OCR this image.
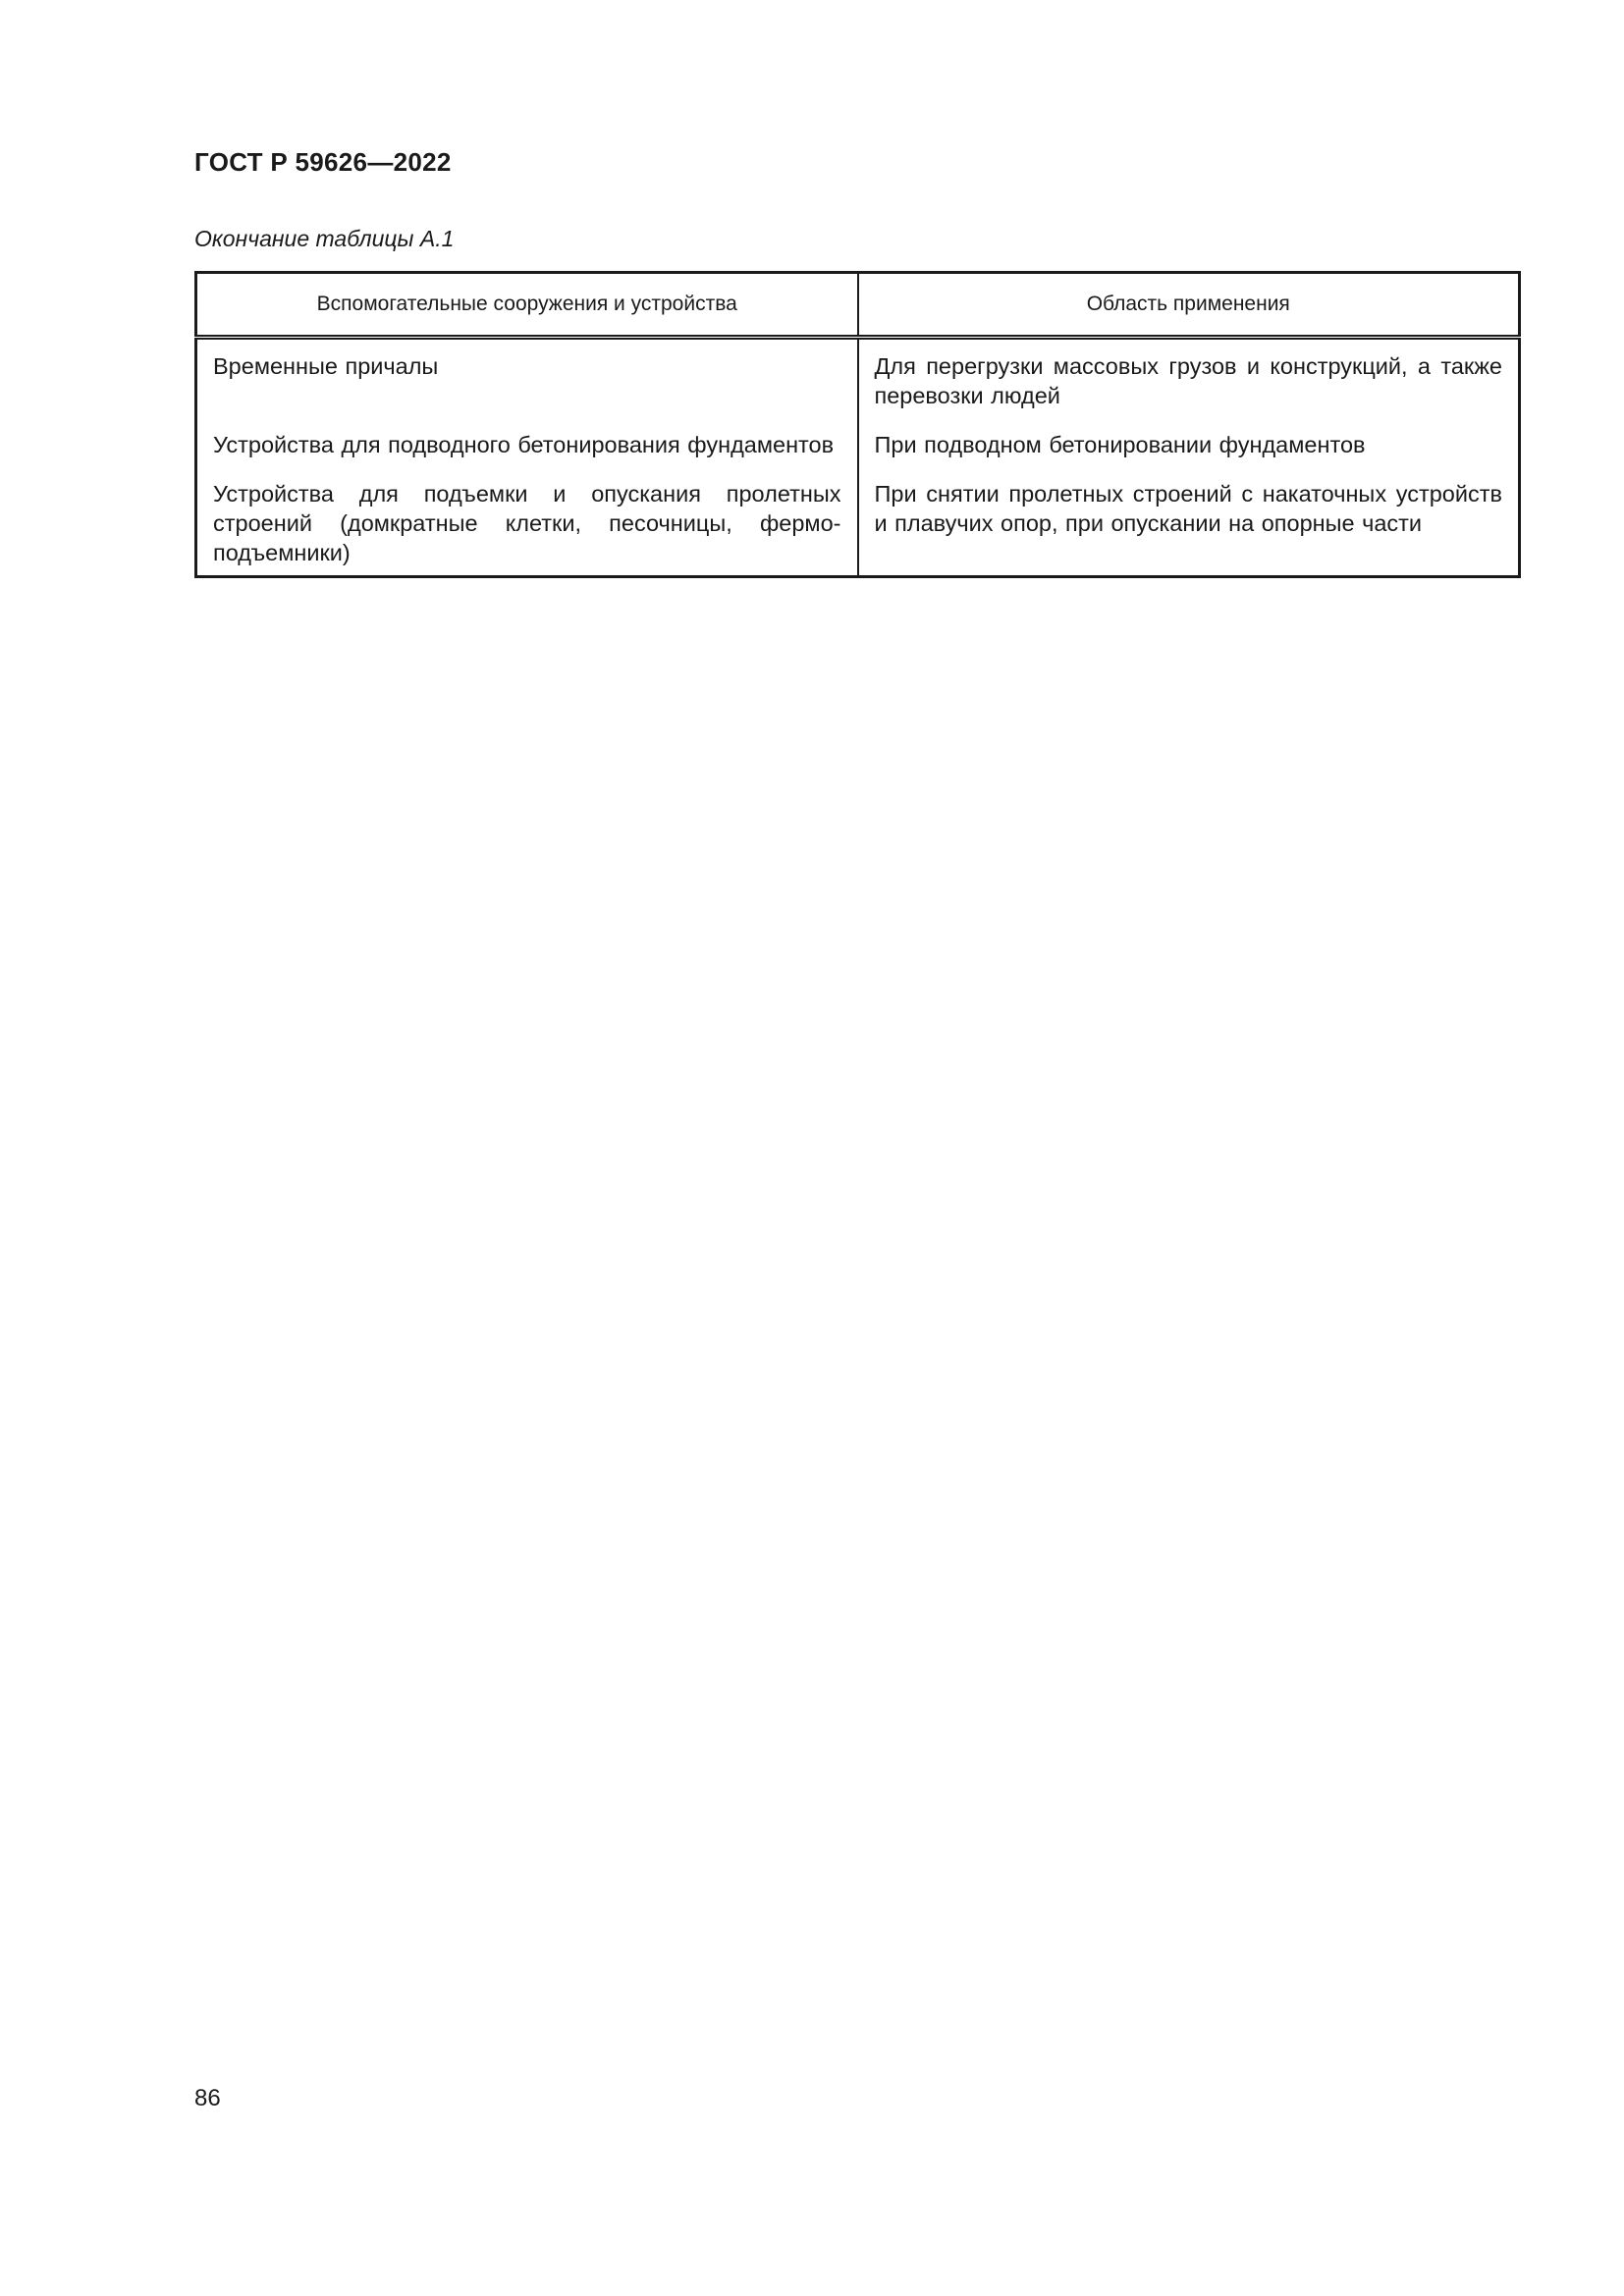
ГОСТ Р 59626—2022

Окончание таблицы А.1

Вспомогательные сооружения и устройства	Область применения
Временные причалы	Для перегрузки массовых грузов и конструкций, а также перевозки людей
Устройства для подводного бетонирования фундаментов	При подводном бетонировании фундаментов
Устройства для подъемки и опускания пролетных строений (домкратные клетки, песочницы, фермо-подъемники)	При снятии пролетных строений с накаточных устройств и плавучих опор, при опускании на опорные части

86
